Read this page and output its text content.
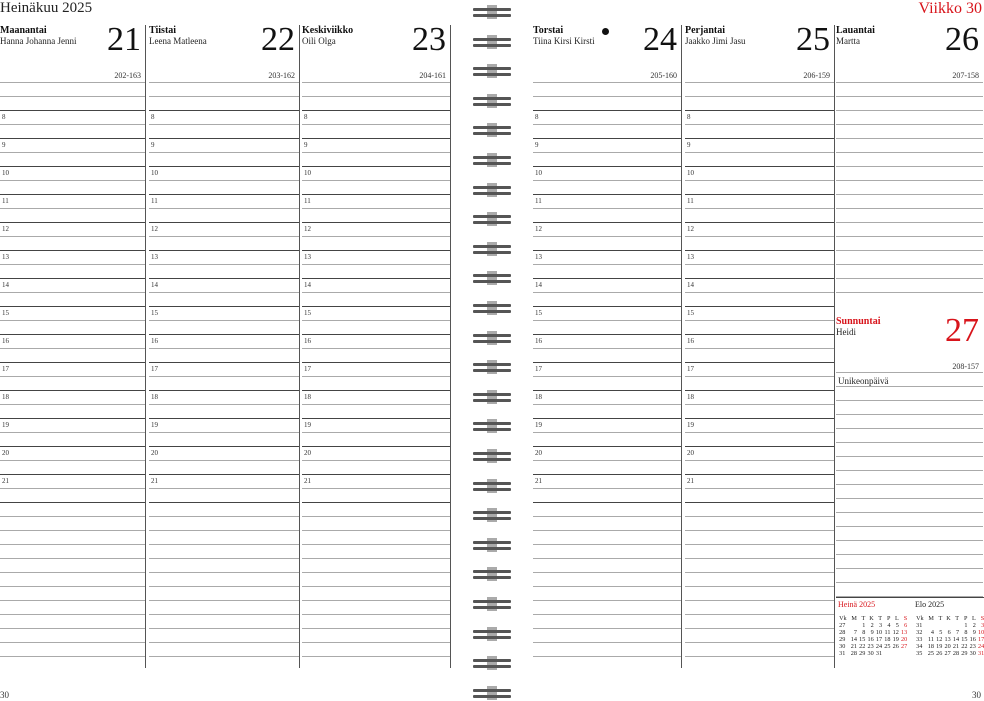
Heinäkuu 2025	Viikko 30
Maanantai
Hanna Johanna Jenni 21
202-163
8
9
10
11
12
13
14
15
16
17
18
19
20
21
Tiistai
Leena Matleena 22
203-162
8
9
10
11
12
13
14
15
16
17
18
19
20
21
Keskiviikko
Oili Olga 23
204-161
8
9
10
11
12
13
14
15
16
17
18
19
20
21
Torstai
Tiina Kirsi Kirsti 24
205-160
8
9
10
11
12
13
14
15
16
17
18
19
20
21
Perjantai
Jaakko Jimi Jasu 25
206-159
8
9
10
11
12
13
14
15
16
17
18
19
20
21
Lauantai
Martta	26
207-158
Sunnuntai
Heidi	27
208-157
Unikeonpäivä
Heinä 2025
Vk	M	T	K	T	P	L	S
27		1	2	3	4	5	6
28	7	8	9	10	11	12	13
29	14	15	16	17	18	19	20
30	21	22	23	24	25	26	27
31	28	29	30	31			
Elo 2025
Vk	M	T	K	T	P	L	S
31					1	2	3
32	4	5	6	7	8	9	10
33	11	12	13	14	15	16	17
34	18	19	20	21	22	23	24
35	25	26	27	28	29	30	31
30	30
